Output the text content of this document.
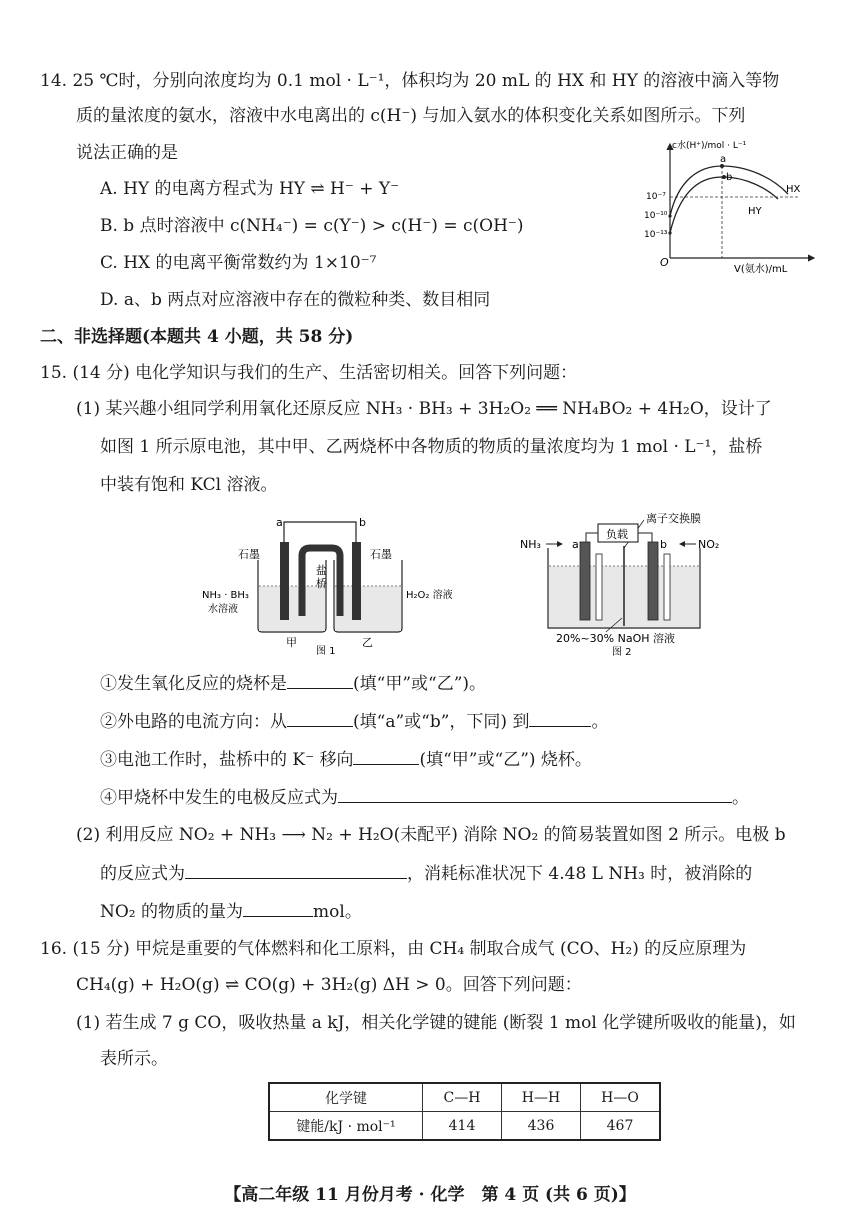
14. 25 ℃时，分别向浓度均为 0.1 mol · L⁻¹，体积均为 20 mL 的 HX 和 HY 的溶液中滴入等物
质的量浓度的氨水，溶液中水电离出的 c(H⁻) 与加入氨水的体积变化关系如图所示。下列
说法正确的是
A. HY 的电离方程式为 HY ⇌ H⁻ + Y⁻
B. b 点时溶液中 c(NH₄⁻) = c(Y⁻) > c(H⁻) = c(OH⁻)
C. HX 的电离平衡常数约为 1×10⁻⁷
D. a、b 两点对应溶液中存在的微粒种类、数目相同
c水(H⁺)/mol · L⁻¹
V(氨水)/mL
O
10⁻⁷
10⁻¹⁰
10⁻¹³
a
b
HX
HY
二、非选择题(本题共 4 小题，共 58 分)
15. (14 分) 电化学知识与我们的生产、生活密切相关。回答下列问题：
(1) 某兴趣小组同学利用氧化还原反应 NH₃ · BH₃ + 3H₂O₂ ══ NH₄BO₂ + 4H₂O，设计了
如图 1 所示原电池，其中甲、乙两烧杯中各物质的物质的量浓度均为 1 mol · L⁻¹，盐桥
中装有饱和 KCl 溶液。
a	b
石墨	石墨
盐
桥
NH₃ · BH₃
水溶液
H₂O₂ 溶液
甲	乙
图 1
离子交换膜
负载
a	b
NH₃	NO₂
20%~30% NaOH 溶液
图 2
①发生氧化反应的烧杯是	(填“甲”或“乙”)。
②外电路的电流方向：从	(填“a”或“b”，下同) 到	。
③电池工作时，盐桥中的 K⁻ 移向	(填“甲”或“乙”) 烧杯。
④甲烧杯中发生的电极反应式为	。
(2) 利用反应 NO₂ + NH₃ ⟶ N₂ + H₂O(未配平) 消除 NO₂ 的简易装置如图 2 所示。电极 b
的反应式为	，消耗标准状况下 4.48 L NH₃ 时，被消除的
NO₂ 的物质的量为	mol。
16. (15 分) 甲烷是重要的气体燃料和化工原料，由 CH₄ 制取合成气 (CO、H₂) 的反应原理为
CH₄(g) + H₂O(g) ⇌ CO(g) + 3H₂(g) ΔH > 0。回答下列问题：
(1) 若生成 7 g CO，吸收热量 a kJ，相关化学键的键能 (断裂 1 mol 化学键所吸收的能量)，如
表所示。
化学键	C—H	H—H	H—O
键能/kJ · mol⁻¹	414	436	467
【高二年级 11 月份月考 · 化学　第 4 页 (共 6 页)】
